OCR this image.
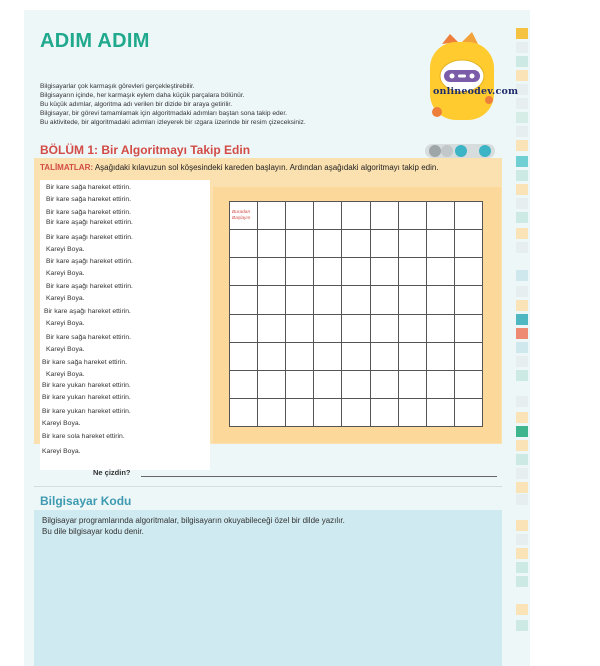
ADIM ADIM
Bilgisayarlar çok karmaşık görevleri gerçekleştirebilir.
Bilgisayarın içinde, her karmaşık eylem daha küçük parçalara bölünür.
Bu küçük adımlar, algoritma adı verilen bir dizide bir araya getirilir.
Bilgisayar, bir görevi tamamlamak için algoritmadaki adımları baştan sona takip eder.
Bu aktivitede, bir algoritmadaki adımları izleyerek bir ızgara üzerinde bir resim çizeceksiniz.
onlineodev.com
BÖLÜM 1: Bir Algoritmayı Takip Edin
TALİMATLAR: Aşağıdaki kılavuzun sol köşesindeki kareden başlayın. Ardından aşağıdaki algoritmayı takip edin.
Bir kare sağa hareket ettirin.
Bir kare sağa hareket ettirin.
Bir kare sağa hareket ettirin.
Bir kare aşağı hareket ettirin.
Bir kare aşağı hareket ettirin.
Kareyi Boya.
Bir kare aşağı hareket ettirin.
Kareyi Boya.
Bir kare aşağı hareket ettirin.
Kareyi Boya.
Bir kare aşağı hareket ettirin.
Kareyi Boya.
Bir kare sağa hareket ettirin.
Kareyi Boya.
Bir kare sağa hareket ettirin.
Kareyi Boya.
Bir kare yukarı hareket ettirin.
Bir kare yukarı hareket ettirin.
Bir kare yukarı hareket ettirin.
Kareyi Boya.
Bir kare sola hareket ettirin.
Kareyi Boya.
Buradan
Başlayın
Ne çizdin?
Bilgisayar Kodu
Bilgisayar programlarında algoritmalar, bilgisayarın okuyabileceği özel bir dilde yazılır.
Bu dile bilgisayar kodu denir.
